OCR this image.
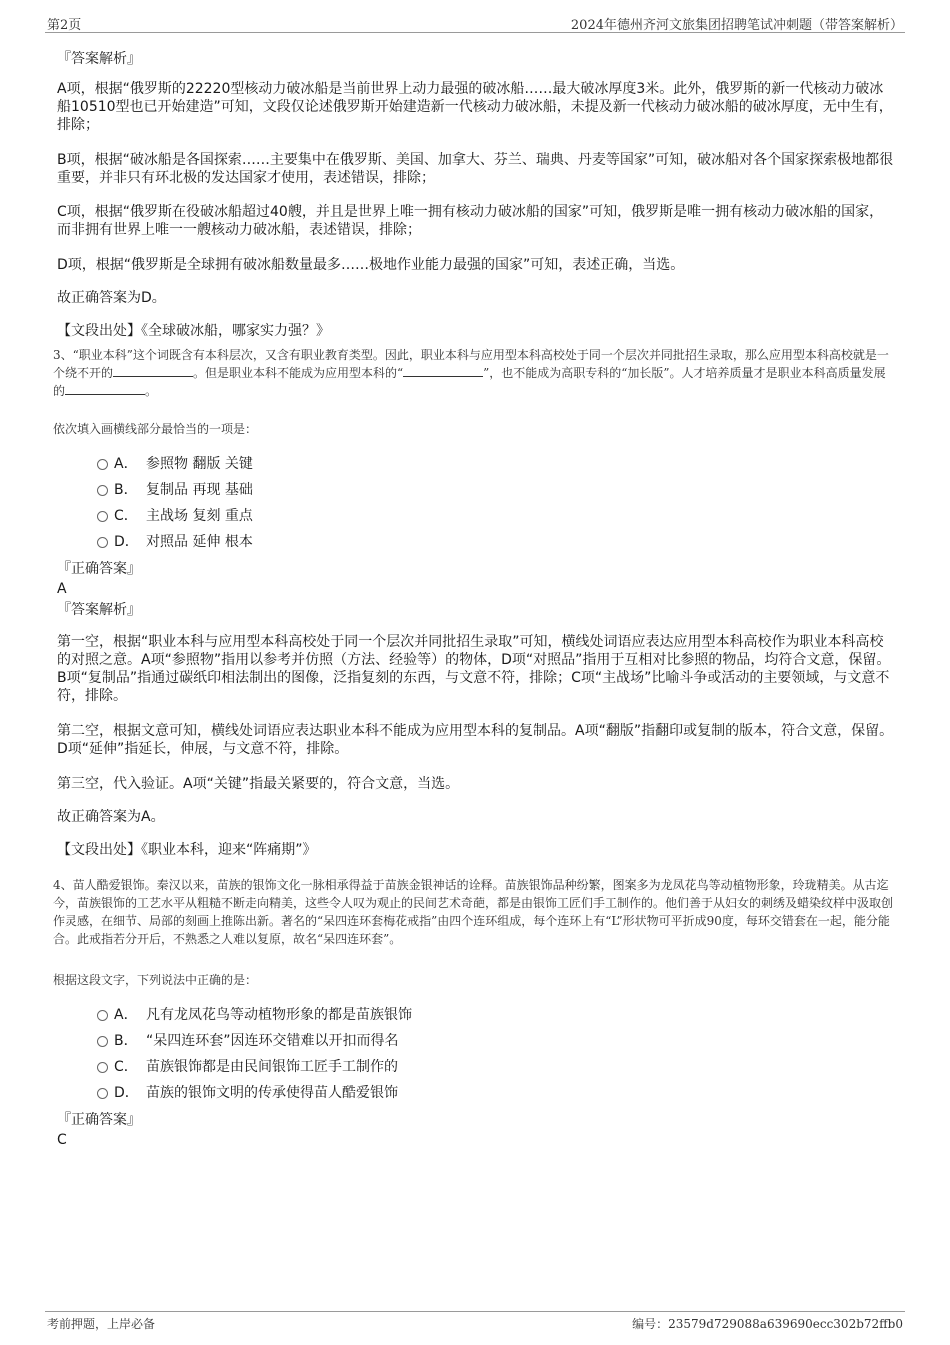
第2页	2024年德州齐河文旅集团招聘笔试冲刺题（带答案解析）
『答案解析』
A项，根据“俄罗斯的22220型核动力破冰船是当前世界上动力最强的破冰船……最大破冰厚度3米。此外，俄罗斯的新一代核动力破冰船10510型也已开始建造”可知，文段仅论述俄罗斯开始建造新一代核动力破冰船，未提及新一代核动力破冰船的破冰厚度，无中生有，排除；
B项，根据“破冰船是各国探索……主要集中在俄罗斯、美国、加拿大、芬兰、瑞典、丹麦等国家”可知，破冰船对各个国家探索极地都很重要，并非只有环北极的发达国家才使用，表述错误，排除；
C项，根据“俄罗斯在役破冰船超过40艘，并且是世界上唯一拥有核动力破冰船的国家”可知，俄罗斯是唯一拥有核动力破冰船的国家，而非拥有世界上唯一一艘核动力破冰船，表述错误，排除；
D项，根据“俄罗斯是全球拥有破冰船数量最多……极地作业能力最强的国家”可知，表述正确，当选。
故正确答案为D。
【文段出处】《全球破冰船，哪家实力强？》
3、“职业本科”这个词既含有本科层次，又含有职业教育类型。因此，职业本科与应用型本科高校处于同一个层次并同批招生录取，那么应用型本科高校就是一个绕不开的	。但是职业本科不能成为应用型本科的“	”，也不能成为高职专科的“加长版”。人才培养质量才是职业本科高质量发展的	。
依次填入画横线部分最恰当的一项是：
A． 参照物 翻版 关键
B． 复制品 再现 基础
C． 主战场 复刻 重点
D． 对照品 延伸 根本
『正确答案』
A
『答案解析』
第一空，根据“职业本科与应用型本科高校处于同一个层次并同批招生录取”可知，横线处词语应表达应用型本科高校作为职业本科高校的对照之意。A项“参照物”指用以参考并仿照（方法、经验等）的物体，D项“对照品”指用于互相对比参照的物品，均符合文意，保留。B项“复制品”指通过碳纸印相法制出的图像，泛指复刻的东西，与文意不符，排除；C项“主战场”比喻斗争或活动的主要领域，与文意不符，排除。
第二空，根据文意可知，横线处词语应表达职业本科不能成为应用型本科的复制品。A项“翻版”指翻印或复制的版本，符合文意，保留。D项“延伸”指延长，伸展，与文意不符，排除。
第三空，代入验证。A项“关键”指最关紧要的，符合文意，当选。
故正确答案为A。
【文段出处】《职业本科，迎来“阵痛期”》
4、苗人酷爱银饰。秦汉以来，苗族的银饰文化一脉相承得益于苗族金银神话的诠释。苗族银饰品种纷繁，图案多为龙凤花鸟等动植物形象，玲珑精美。从古迄今，苗族银饰的工艺水平从粗糙不断走向精美，这些令人叹为观止的民间艺术奇葩，都是由银饰工匠们手工制作的。他们善于从妇女的刺绣及蜡染纹样中汲取创作灵感，在细节、局部的刻画上推陈出新。著名的“呆四连环套梅花戒指”由四个连环组成，每个连环上有“L”形状物可平折成90度，每环交错套在一起，能分能合。此戒指若分开后，不熟悉之人难以复原，故名“呆四连环套”。
根据这段文字，下列说法中正确的是：
A． 凡有龙凤花鸟等动植物形象的都是苗族银饰
B． “呆四连环套”因连环交错难以开扣而得名
C． 苗族银饰都是由民间银饰工匠手工制作的
D． 苗族的银饰文明的传承使得苗人酷爱银饰
『正确答案』
C
考前押题，上岸必备	编号：23579d729088a639690ecc302b72ffb0
